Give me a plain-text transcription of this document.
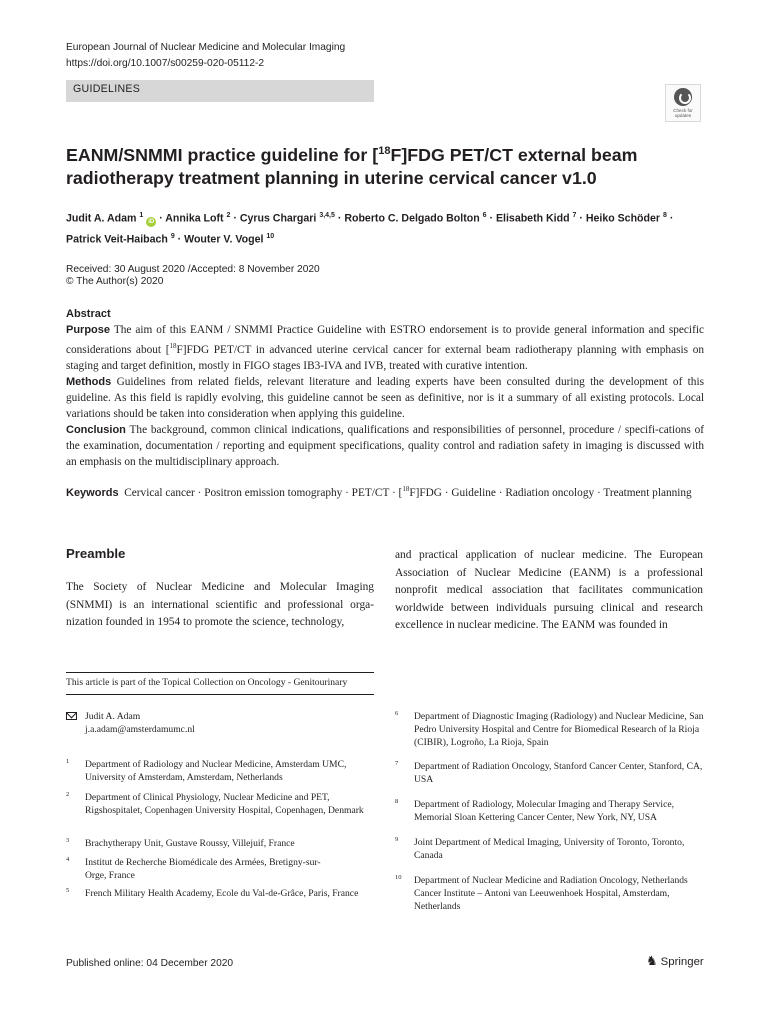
European Journal of Nuclear Medicine and Molecular Imaging
https://doi.org/10.1007/s00259-020-05112-2
GUIDELINES
Check for updates
EANM/SNMMI practice guideline for [$^{18}$F]FDG PET/CT external beam radiotherapy treatment planning in uterine cervical cancer v1.0
Judit A. Adam $^1$ iD · Annika Loft $^2$ · Cyrus Chargari $^{3,4,5}$ · Roberto C. Delgado Bolton $^6$ · Elisabeth Kidd $^7$ · Heiko Schöder $^8$ ·
Patrick Veit-Haibach $^9$ · Wouter V. Vogel $^{10}$
Received: 30 August 2020 /Accepted: 8 November 2020
© The Author(s) 2020
Abstract

Purpose The aim of this EANM / SNMMI Practice Guideline with ESTRO endorsement is to provide general information and specific considerations about [$^{18}$F]FDG PET/CT in advanced uterine cervical cancer for external beam radiotherapy planning with emphasis on staging and target definition, mostly in FIGO stages IB3-IVA and IVB, treated with curative intention.

Methods Guidelines from related fields, relevant literature and leading experts have been consulted during the development of this guideline. As this field is rapidly evolving, this guideline cannot be seen as definitive, nor is it a summary of all existing protocols. Local variations should be taken into consideration when applying this guideline.

Conclusion The background, common clinical indications, qualifications and responsibilities of personnel, procedure / specifi-cations of the examination, documentation / reporting and equipment specifications, quality control and radiation safety in imaging is discussed with an emphasis on the multidisciplinary approach.

Keywords Cervical cancer · Positron emission tomography · PET/CT · [$^{18}$F]FDG · Guideline · Radiation oncology · Treatment planning
Preamble
The Society of Nuclear Medicine and Molecular Imaging (SNMMI) is an international scientific and professional orga-nization founded in 1954 to promote the science, technology,
and practical application of nuclear medicine. The European Association of Nuclear Medicine (EANM) is a professional nonprofit medical association that facilitates communication worldwide between individuals pursuing clinical and research excellence in nuclear medicine. The EANM was founded in
This article is part of the Topical Collection on Oncology - Genitourinary
Judit A. Adam
j.a.adam@amsterdamumc.nl
1 Department of Radiology and Nuclear Medicine, Amsterdam UMC, University of Amsterdam, Amsterdam, Netherlands
2 Department of Clinical Physiology, Nuclear Medicine and PET, Rigshospitalet, Copenhagen University Hospital, Copenhagen, Denmark
3 Brachytherapy Unit, Gustave Roussy, Villejuif, France
4 Institut de Recherche Biomédicale des Armées, Bretigny-sur-Orge, France
5 French Military Health Academy, Ecole du Val-de-Grâce, Paris, France
6 Department of Diagnostic Imaging (Radiology) and Nuclear Medicine, San Pedro University Hospital and Centre for Biomedical Research of la Rioja (CIBIR), Logroño, La Rioja, Spain
7 Department of Radiation Oncology, Stanford Cancer Center, Stanford, CA, USA
8 Department of Radiology, Molecular Imaging and Therapy Service, Memorial Sloan Kettering Cancer Center, New York, NY, USA
9 Joint Department of Medical Imaging, University of Toronto, Toronto, Canada
10 Department of Nuclear Medicine and Radiation Oncology, Netherlands Cancer Institute – Antoni van Leeuwenhoek Hospital, Amsterdam, Netherlands
Published online: 04 December 2020	♞ Springer
